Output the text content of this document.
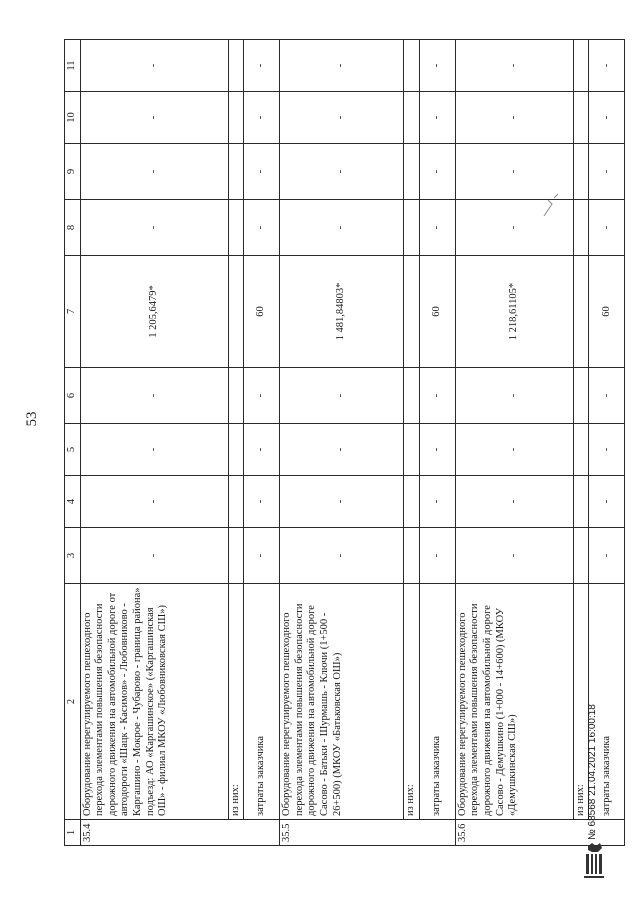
53
1	2	3	4	5	6	7	8	9	10	11
35.4	Оборудование нерегулируемого пешеходного перехода элементами повышения безопасности дорожного движения на автомобильной дороге от автодороги «Шацк - Касимов» - Любовниково - Каргашино - Мокрое - Чубарово - граница района» подъезд: АО «Каргашинское» («Каргашинская ОШ» - филиал МКОУ «Любовниковская СШ»)	-	-	-	-	1 205,6479*	-	-	-	-
	из них:									
	затраты заказчика	-	-	-	-	60	-	-	-	-
35.5	Оборудование нерегулируемого пешеходного перехода элементами повышения безопасности дорожного движения на автомобильной дороге Сасово - Батьки - Шурмашь - Ключи (1+500 - 26+500) (МКОУ «Батьковская ОШ»)	-	-	-	-	1 481,84803*	-	-	-	-
	из них:									
	затраты заказчика	-	-	-	-	60	-	-	-	-
35.6	Оборудование нерегулируемого пешеходного перехода элементами повышения безопасности дорожного движения на автомобильной дороге Сасово - Демушкино (1+000 - 14+600) (МКОУ «Демушкинская СШ»)	-	-	-	-	1 218,61105*	-	-	-	-
	из них:									
	затраты заказчика	-	-	-	-	60	-	-	-	-
№ 68568 21.04.2021 16:00:18
